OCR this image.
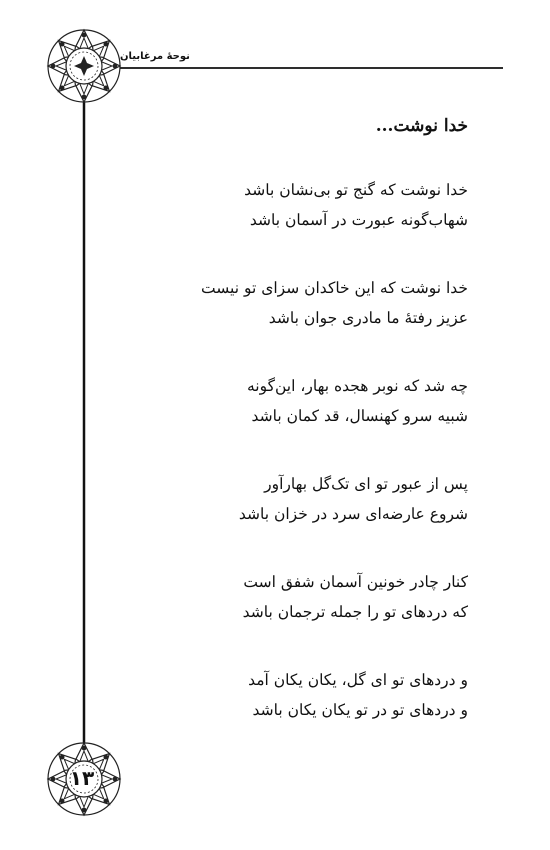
نوحهٔ مرغابیان
خدا نوشت...
خدا نوشت که گنج تو بی‌نشان باشد
شهاب‌گونه عبورت در آسمان باشد
خدا نوشت که این خاکدان سزای تو نیست
عزیز رفتهٔ ما مادری جوان باشد
چه شد که نوبر هجده بهار، این‌گونه
شبیه سرو کهنسال، قد کمان باشد
پس از عبور تو ای تک‌گل بهارآور
شروع عارضه‌ای سرد در خزان باشد
کنار چادر خونین آسمان شفق است
که دردهای تو را جمله ترجمان باشد
و دردهای تو ای گل، یکان یکان آمد
و دردهای تو در تو یکان یکان باشد
۱۳
